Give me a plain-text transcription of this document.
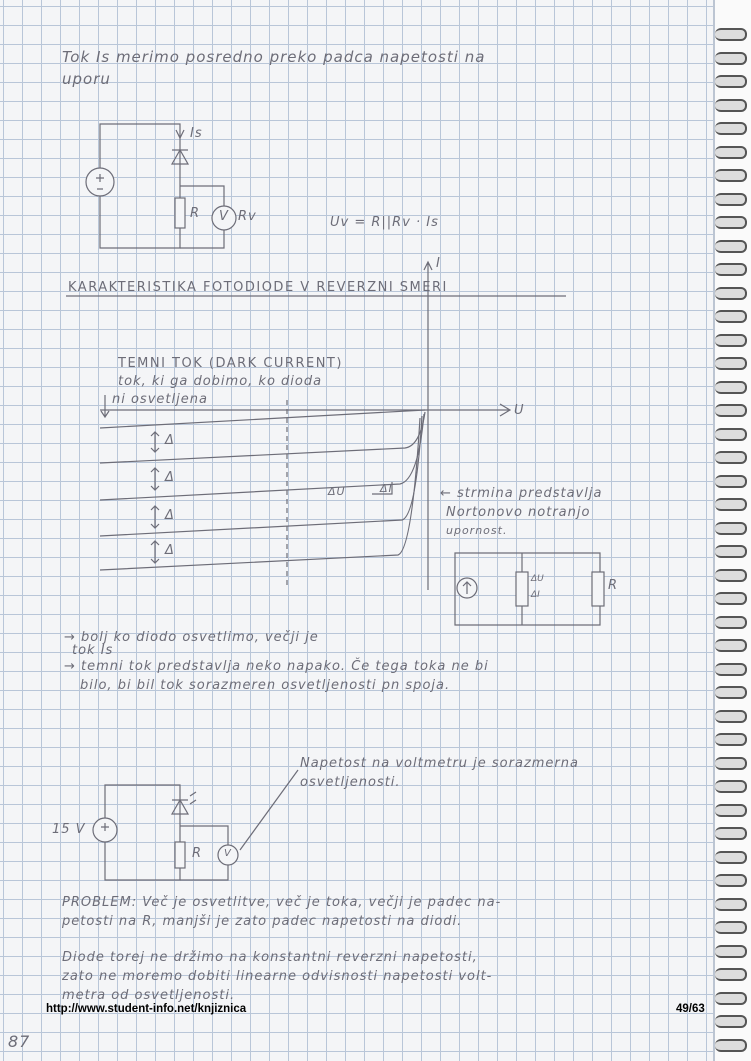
Tok Is merimo posredno preko padca napetosti na
uporu
Is
R V Rv	Uv = R||Rv · Is
KARAKTERISTIKA FOTODIODE V REVERZNI SMERI
I
U
TEMNI TOK (DARK CURRENT)
tok, ki ga dobimo, ko dioda
ni osvetljena
Δ
Δ
Δ
Δ
ΔU	ΔI	← strmina predstavlja
Nortonovo notranjo
upornost.
ΔU
ΔI
R
→ bolj ko diodo osvetlimo, večji je
tok Is
→ temni tok predstavlja neko napako. Če tega toka ne bi
bilo, bi bil tok sorazmeren osvetljenosti pn spoja.
15 V
R V
Napetost na voltmetru je sorazmerna
osvetljenosti.
PROBLEM: Več je osvetlitve, več je toka, večji je padec na-
petosti na R, manjši je zato padec napetosti na diodi.
Diode torej ne držimo na konstantni reverzni napetosti,
zato ne moremo dobiti linearne odvisnosti napetosti volt-
metra od osvetljenosti.
http://www.student-info.net/knjiznica	49/63
87
